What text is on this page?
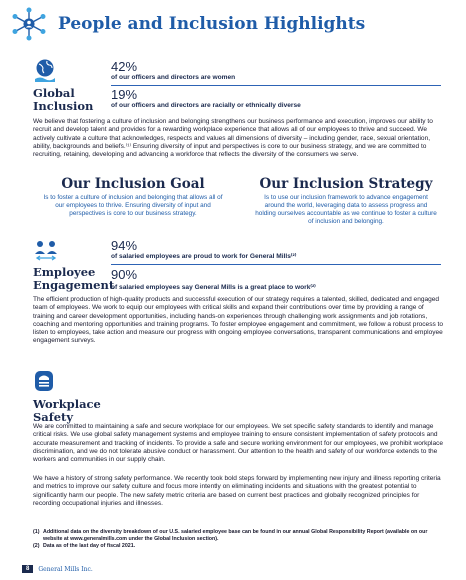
People and Inclusion Highlights
Global
Inclusion
42%
of our officers and directors are women
19%
of our officers and directors are racially or ethnically diverse
We believe that fostering a culture of inclusion and belonging strengthens our business performance and execution, improves our ability to recruit and develop talent and provides for a rewarding workplace experience that allows all of our employees to thrive and succeed. We actively cultivate a culture that acknowledges, respects and values all dimensions of diversity – including gender, race, sexual orientation, ability, backgrounds and beliefs.⁽¹⁾ Ensuring diversity of input and perspectives is core to our business strategy, and we are committed to recruiting, retaining, developing and advancing a workforce that reflects the diversity of the consumers we serve.
Our Inclusion Goal
Is to foster a culture of inclusion and belonging that allows all of our employees to thrive. Ensuring diversity of input and perspectives is core to our business strategy.
Our Inclusion Strategy
Is to use our inclusion framework to advance engagement around the world, leveraging data to assess progress and holding ourselves accountable as we continue to foster a culture of inclusion and belonging.
Employee
Engagement
94%
of salaried employees are proud to work for General Mills⁽²⁾
90%
of salaried employees say General Mills is a great place to work⁽²⁾
The efficient production of high-quality products and successful execution of our strategy requires a talented, skilled, dedicated and engaged team of employees. We work to equip our employees with critical skills and expand their contributions over time by providing a range of training and career development opportunities, including hands-on experiences through challenging work assignments and job rotations, coaching and mentoring opportunities and training programs. To foster employee engagement and commitment, we follow a robust process to listen to employees, take action and measure our progress with ongoing employee conversations, transparent communications and employee engagement surveys.
Workplace
Safety
We are committed to maintaining a safe and secure workplace for our employees. We set specific safety standards to identify and manage critical risks. We use global safety management systems and employee training to ensure consistent implementation of safety protocols and accurate measurement and tracking of incidents. To provide a safe and secure working environment for our employees, we prohibit workplace discrimination, and we do not tolerate abusive conduct or harassment. Our attention to the health and safety of our workforce extends to the workers and communities in our supply chain.
We have a history of strong safety performance. We recently took bold steps forward by implementing new injury and illness reporting criteria and metrics to improve our safety culture and focus more intently on eliminating incidents and situations with the greatest potential to significantly harm our people. The new safety metric criteria are based on current best practices and globally recognized principles for recording occupational injuries and illnesses.
(1) Additional data on the diversity breakdown of our U.S. salaried employee base can be found in our annual Global Responsibility Report (available on our website at www.generalmills.com under the Global Inclusion section).
(2) Data as of the last day of fiscal 2021.
8	General Mills Inc.
